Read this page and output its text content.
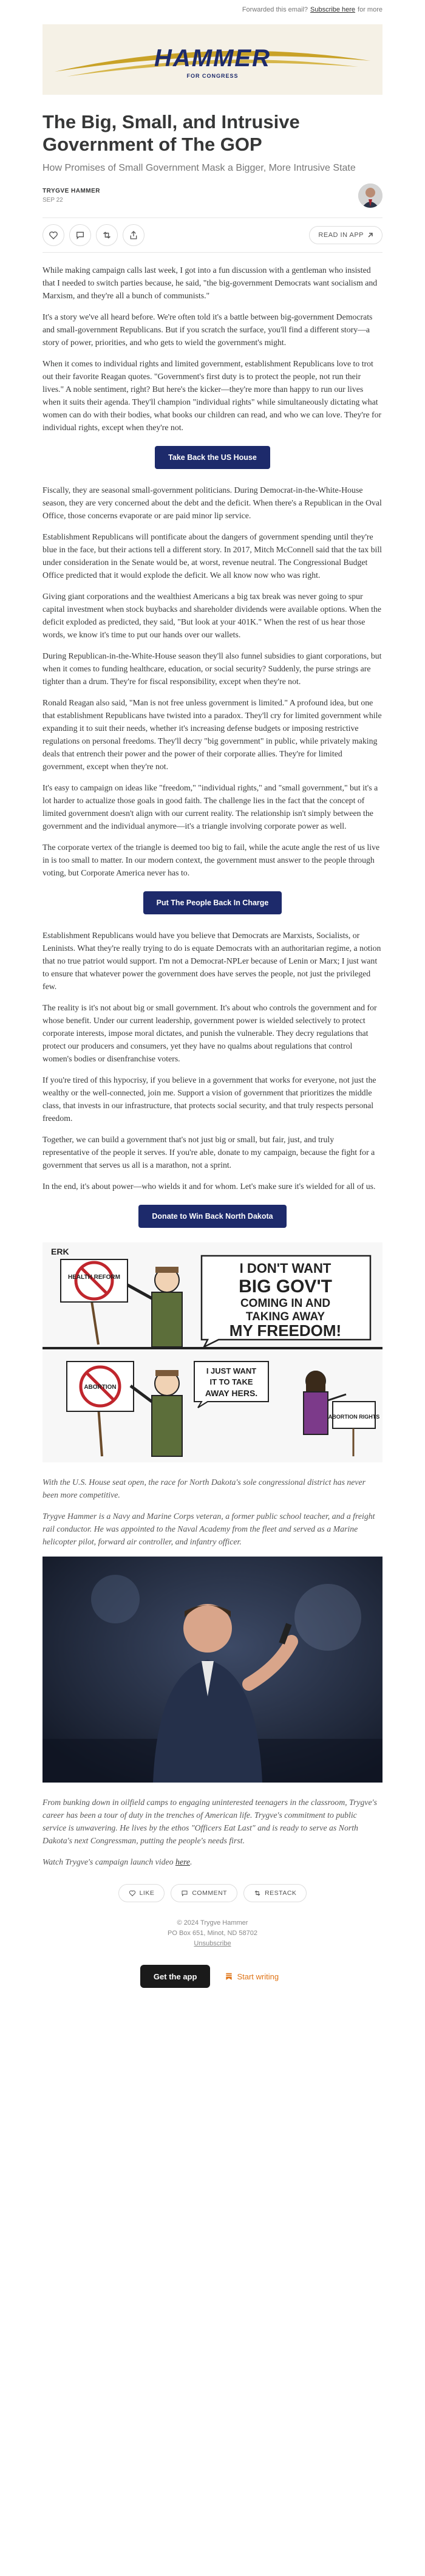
Forwarded this email? Subscribe here for more
HAMMER
FOR CONGRESS
The Big, Small, and Intrusive Government of The GOP
How Promises of Small Government Mask a Bigger, More Intrusive State
TRYGVE HAMMER
SEP 22
READ IN APP

While making campaign calls last week, I got into a fun discussion with a gentleman who insisted that I needed to switch parties because, he said, "the big-government Democrats want socialism and Marxism, and they're all a bunch of communists."

It's a story we've all heard before. We're often told it's a battle between big-government Democrats and small-government Republicans. But if you scratch the surface, you'll find a different story—a story of power, priorities, and who gets to wield the government's might.

When it comes to individual rights and limited government, establishment Republicans love to trot out their favorite Reagan quotes. "Government's first duty is to protect the people, not run their lives." A noble sentiment, right? But here's the kicker—they're more than happy to run our lives when it suits their agenda. They'll champion "individual rights" while simultaneously dictating what women can do with their bodies, what books our children can read, and who we can love. They're for individual rights, except when they're not.

Take Back the US House

Fiscally, they are seasonal small-government politicians. During Democrat-in-the-White-House season, they are very concerned about the debt and the deficit. When there's a Republican in the Oval Office, those concerns evaporate or are paid minor lip service.

Establishment Republicans will pontificate about the dangers of government spending until they're blue in the face, but their actions tell a different story. In 2017, Mitch McConnell said that the tax bill under consideration in the Senate would be, at worst, revenue neutral. The Congressional Budget Office predicted that it would explode the deficit. We all know now who was right.

Giving giant corporations and the wealthiest Americans a big tax break was never going to spur capital investment when stock buybacks and shareholder dividends were available options. When the deficit exploded as predicted, they said, "But look at your 401K." When the rest of us hear those words, we know it's time to put our hands over our wallets.

During Republican-in-the-White-House season they'll also funnel subsidies to giant corporations, but when it comes to funding healthcare, education, or social security? Suddenly, the purse strings are tighter than a drum. They're for fiscal responsibility, except when they're not.

Ronald Reagan also said, "Man is not free unless government is limited." A profound idea, but one that establishment Republicans have twisted into a paradox. They'll cry for limited government while expanding it to suit their needs, whether it's increasing defense budgets or imposing restrictive regulations on personal freedoms. They'll decry "big government" in public, while privately making deals that entrench their power and the power of their corporate allies. They're for limited government, except when they're not.

It's easy to campaign on ideas like "freedom," "individual rights," and "small government," but it's a lot harder to actualize those goals in good faith. The challenge lies in the fact that the concept of limited government doesn't align with our current reality. The relationship isn't simply between the government and the individual anymore—it's a triangle involving corporate power as well.

The corporate vertex of the triangle is deemed too big to fail, while the acute angle the rest of us live in is too small to matter. In our modern context, the government must answer to the people through voting, but Corporate America never has to.

Put The People Back In Charge

Establishment Republicans would have you believe that Democrats are Marxists, Socialists, or Leninists. What they're really trying to do is equate Democrats with an authoritarian regime, a notion that no true patriot would support. I'm not a Democrat-NPLer because of Lenin or Marx; I just want to ensure that whatever power the government does have serves the people, not just the privileged few.

The reality is it's not about big or small government. It's about who controls the government and for whose benefit. Under our current leadership, government power is wielded selectively to protect corporate interests, impose moral dictates, and punish the vulnerable. They decry regulations that protect our producers and consumers, yet they have no qualms about regulations that control women's bodies or disenfranchise voters.

If you're tired of this hypocrisy, if you believe in a government that works for everyone, not just the wealthy or the well-connected, join me. Support a vision of government that prioritizes the middle class, that invests in our infrastructure, that protects social security, and that truly respects personal freedom.

Together, we can build a government that's not just big or small, but fair, just, and truly representative of the people it serves. If you're able, donate to my campaign, because the fight for a government that serves us all is a marathon, not a sprint.

In the end, it's about power—who wields it and for whom. Let's make sure it's wielded for all of us.

Donate to Win Back North Dakota
ERK
HEALTH REFORM
I DON'T WANT
BIG GOV'T
COMING IN AND
TAKING AWAY
MY FREEDOM!
ABORTION
I JUST WANT
IT TO TAKE
AWAY HERS.
ABORTION RIGHTS

With the U.S. House seat open, the race for North Dakota's sole congressional district has never been more competitive.

Trygve Hammer is a Navy and Marine Corps veteran, a former public school teacher, and a freight rail conductor. He was appointed to the Naval Academy from the fleet and served as a Marine helicopter pilot, forward air controller, and infantry officer.

From bunking down in oilfield camps to engaging uninterested teenagers in the classroom, Trygve's career has been a tour of duty in the trenches of American life. Trygve's commitment to public service is unwavering. He lives by the ethos "Officers Eat Last" and is ready to serve as North Dakota's next Congressman, putting the people's needs first.

Watch Trygve's campaign launch video here.

LIKE	COMMENT	RESTACK
© 2024 Trygve Hammer
PO Box 651, Minot, ND 58702
Unsubscribe
Get the app	Start writing
